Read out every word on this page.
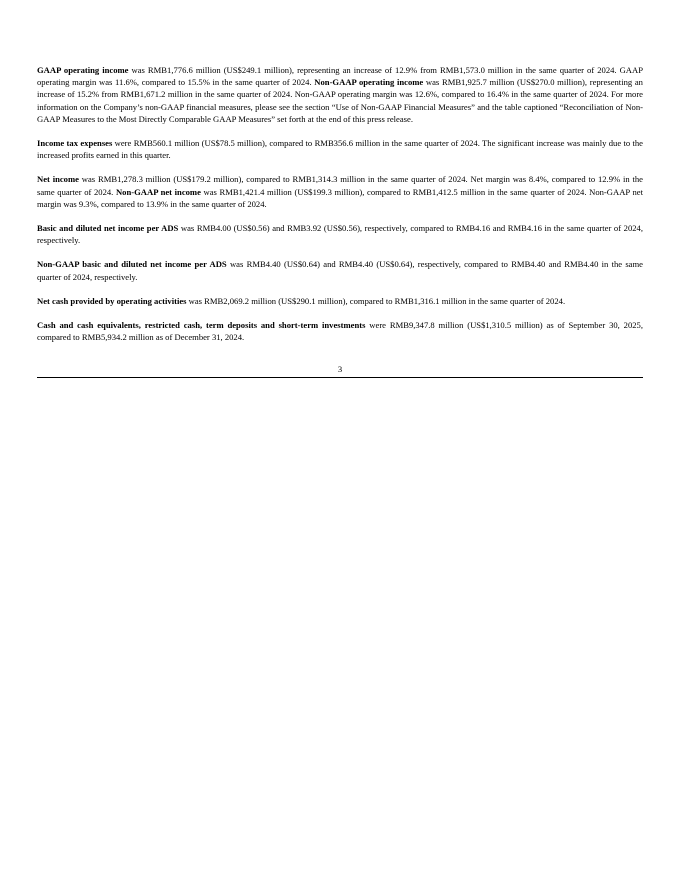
GAAP operating income was RMB1,776.6 million (US$249.1 million), representing an increase of 12.9% from RMB1,573.0 million in the same quarter of 2024. GAAP operating margin was 11.6%, compared to 15.5% in the same quarter of 2024. Non-GAAP operating income was RMB1,925.7 million (US$270.0 million), representing an increase of 15.2% from RMB1,671.2 million in the same quarter of 2024. Non-GAAP operating margin was 12.6%, compared to 16.4% in the same quarter of 2024. For more information on the Company’s non-GAAP financial measures, please see the section “Use of Non-GAAP Financial Measures” and the table captioned “Reconciliation of Non-GAAP Measures to the Most Directly Comparable GAAP Measures” set forth at the end of this press release.

Income tax expenses were RMB560.1 million (US$78.5 million), compared to RMB356.6 million in the same quarter of 2024. The significant increase was mainly due to the increased profits earned in this quarter.

Net income was RMB1,278.3 million (US$179.2 million), compared to RMB1,314.3 million in the same quarter of 2024. Net margin was 8.4%, compared to 12.9% in the same quarter of 2024. Non-GAAP net income was RMB1,421.4 million (US$199.3 million), compared to RMB1,412.5 million in the same quarter of 2024. Non-GAAP net margin was 9.3%, compared to 13.9% in the same quarter of 2024.

Basic and diluted net income per ADS was RMB4.00 (US$0.56) and RMB3.92 (US$0.56), respectively, compared to RMB4.16 and RMB4.16 in the same quarter of 2024, respectively.

Non-GAAP basic and diluted net income per ADS was RMB4.40 (US$0.64) and RMB4.40 (US$0.64), respectively, compared to RMB4.40 and RMB4.40 in the same quarter of 2024, respectively.

Net cash provided by operating activities was RMB2,069.2 million (US$290.1 million), compared to RMB1,316.1 million in the same quarter of 2024.

Cash and cash equivalents, restricted cash, term deposits and short-term investments were RMB9,347.8 million (US$1,310.5 million) as of September 30, 2025, compared to RMB5,934.2 million as of December 31, 2024.

3
